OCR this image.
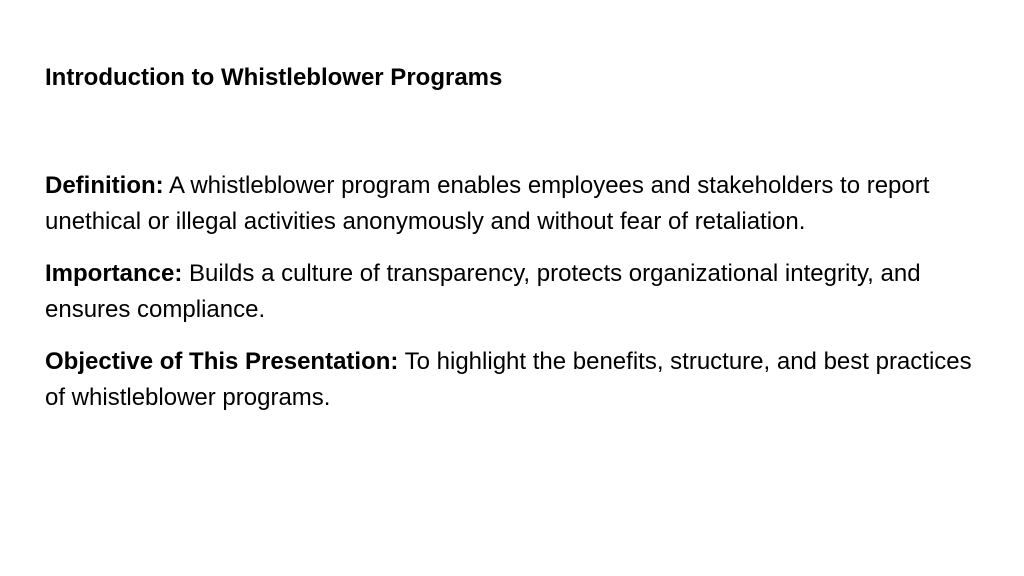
Introduction to Whistleblower Programs

Definition: A whistleblower program enables employees and stakeholders to report unethical or illegal activities anonymously and without fear of retaliation.

Importance: Builds a culture of transparency, protects organizational integrity, and ensures compliance.

Objective of This Presentation: To highlight the benefits, structure, and best practices of whistleblower programs.
